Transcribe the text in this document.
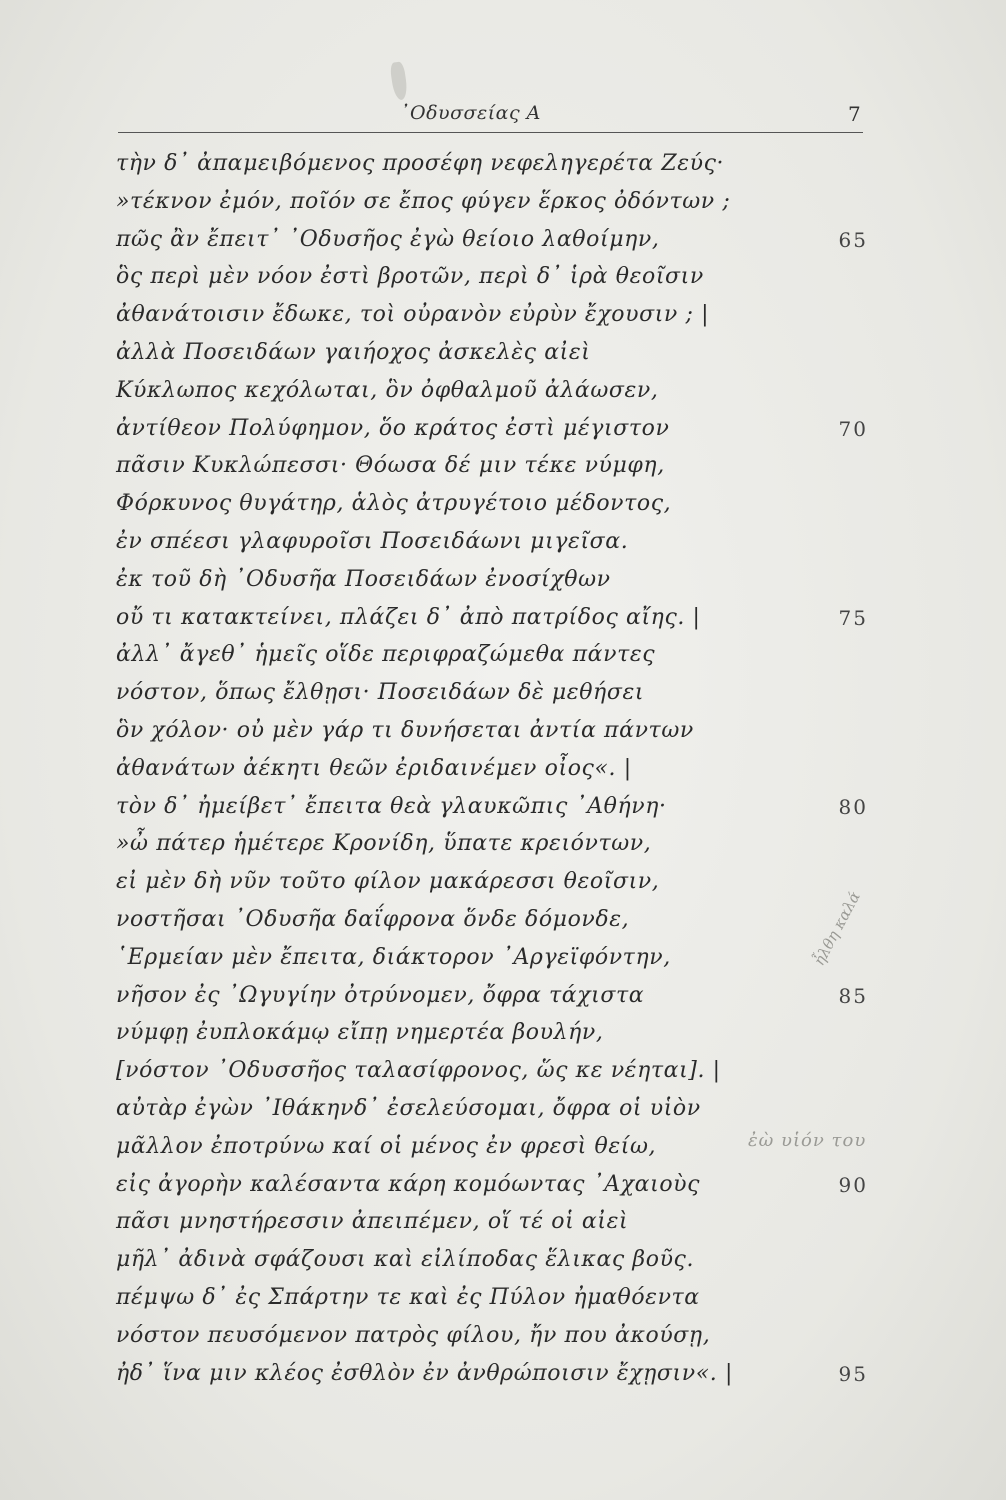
᾿Οδυσσείας Α	7
τὴν δ᾿ ἀπαμειβόμενος προσέφη νεφεληγερέτα Ζεύς·
»τέκνον ἐμόν, ποῖόν σε ἔπος φύγεν ἕρκος ὀδόντων ;
πῶς ἂν ἔπειτ᾿ ᾿Οδυσῆος ἐγὼ θείοιο λαθοίμην,	65
ὃς περὶ μὲν νόον ἐστὶ βροτῶν, περὶ δ᾿ ἱρὰ θεοῖσιν
ἀθανάτοισιν ἔδωκε, τοὶ οὐρανὸν εὐρὺν ἔχουσιν ; |
ἀλλὰ Ποσειδάων γαιήοχος ἀσκελὲς αἰεὶ
Κύκλωπος κεχόλωται, ὃν ὀφθαλμοῦ ἀλάωσεν,
ἀντίθεον Πολύφημον, ὅο κράτος ἐστὶ μέγιστον	70
πᾶσιν Κυκλώπεσσι· Θόωσα δέ μιν τέκε νύμφη,
Φόρκυνος θυγάτηρ, ἁλὸς ἀτρυγέτοιο μέδοντος,
ἐν σπέεσι γλαφυροῖσι Ποσειδάωνι μιγεῖσα.
ἐκ τοῦ δὴ ᾿Οδυσῆα Ποσειδάων ἐνοσίχθων
οὔ τι κατακτείνει, πλάζει δ᾿ ἀπὸ πατρίδος αἴης. |	75
ἀλλ᾿ ἄγεθ᾿ ἡμεῖς οἵδε περιφραζώμεθα πάντες
νόστον, ὅπως ἔλθῃσι· Ποσειδάων δὲ μεθήσει
ὃν χόλον· οὐ μὲν γάρ τι δυνήσεται ἀντία πάντων
ἀθανάτων ἀέκητι θεῶν ἐριδαινέμεν οἶος«. |
τὸν δ᾿ ἠμείβετ᾿ ἔπειτα θεὰ γλαυκῶπις ᾿Αθήνη·	80
»ὦ πάτερ ἡμέτερε Κρονίδη, ὕπατε κρειόντων,
εἰ μὲν δὴ νῦν τοῦτο φίλον μακάρεσσι θεοῖσιν,
νοστῆσαι ᾿Οδυσῆα δαΐφρονα ὅνδε δόμονδε,
῾Ερμείαν μὲν ἔπειτα, διάκτορον ᾿Αργεϊφόντην,
νῆσον ἐς ᾿Ωγυγίην ὀτρύνομεν, ὄφρα τάχιστα	85
νύμφῃ ἐυπλοκάμῳ εἴπῃ νημερτέα βουλήν,
[νόστον ᾿Οδυσσῆος ταλασίφρονος, ὥς κε νέηται]. |
αὐτὰρ ἐγὼν ᾿Ιθάκηνδ᾿ ἐσελεύσομαι, ὄφρα οἱ υἱὸν
μᾶλλον ἐποτρύνω καί οἱ μένος ἐν φρεσὶ θείω,
εἰς ἀγορὴν καλέσαντα κάρη κομόωντας ᾿Αχαιοὺς	90
πᾶσι μνηστήρεσσιν ἀπειπέμεν, οἵ τέ οἱ αἰεὶ
μῆλ᾿ ἀδινὰ σφάζουσι καὶ εἰλίποδας ἕλικας βοῦς.
πέμψω δ᾿ ἐς Σπάρτην τε καὶ ἐς Πύλον ἠμαθόεντα
νόστον πευσόμενον πατρὸς φίλου, ἤν που ἀκούσῃ,
ἠδ᾿ ἵνα μιν κλέος ἐσθλὸν ἐν ἀνθρώποισιν ἔχῃσιν«. |	95
ἐὼ υἱόν του
ἦλθη καλά
